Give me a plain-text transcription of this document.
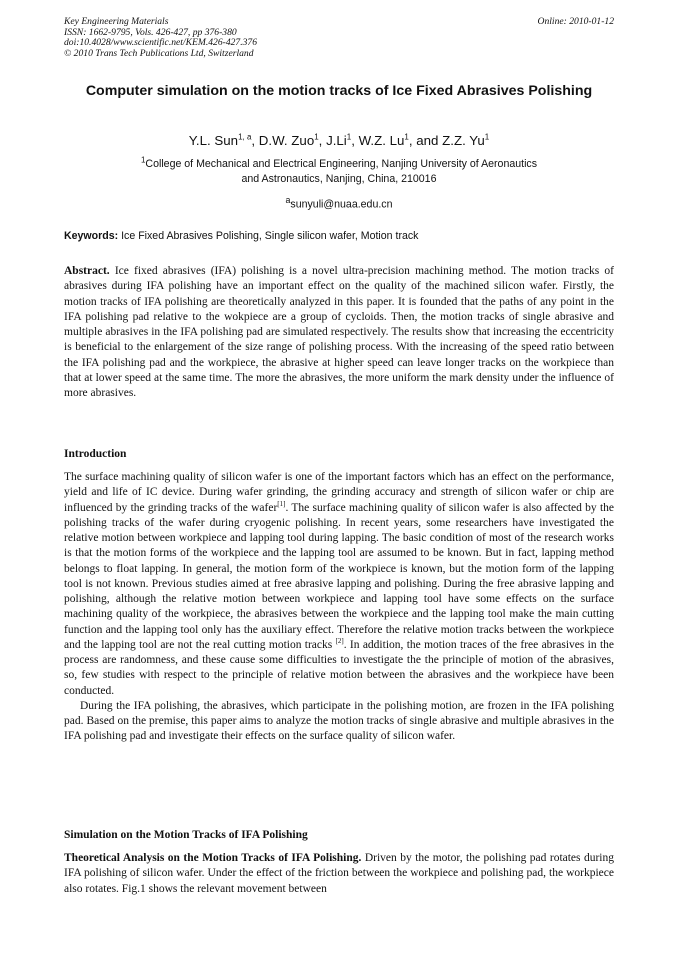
Key Engineering Materials
ISSN: 1662-9795, Vols. 426-427, pp 376-380
doi:10.4028/www.scientific.net/KEM.426-427.376
© 2010 Trans Tech Publications Ltd, Switzerland
Online: 2010-01-12
Computer simulation on the motion tracks of Ice Fixed Abrasives Polishing
Y.L. Sun$^{1, a}$, D.W. Zuo$^1$, J.Li$^1$, W.Z. Lu$^1$, and Z.Z. Yu$^1$
$^1$College of Mechanical and Electrical Engineering, Nanjing University of Aeronautics
and Astronautics, Nanjing, China, 210016
$^a$sunyuli@nuaa.edu.cn
Keywords: Ice Fixed Abrasives Polishing, Single silicon wafer, Motion track
Abstract. Ice fixed abrasives (IFA) polishing is a novel ultra-precision machining method. The motion tracks of abrasives during IFA polishing have an important effect on the quality of the machined silicon wafer. Firstly, the motion tracks of IFA polishing are theoretically analyzed in this paper. It is founded that the paths of any point in the IFA polishing pad relative to the wokpiece are a group of cycloids. Then, the motion tracks of single abrasive and multiple abrasives in the IFA polishing pad are simulated respectively. The results show that increasing the eccentricity is beneficial to the enlargement of the size range of polishing process. With the increasing of the speed ratio between the IFA polishing pad and the workpiece, the abrasive at higher speed can leave longer tracks on the workpiece than that at lower speed at the same time. The more the abrasives, the more uniform the mark density under the influence of more abrasives.
Introduction

The surface machining quality of silicon wafer is one of the important factors which has an effect on the performance, yield and life of IC device. During wafer grinding, the grinding accuracy and strength of silicon wafer or chip are influenced by the grinding tracks of the wafer[1]. The surface machining quality of silicon wafer is also affected by the polishing tracks of the wafer during cryogenic polishing. In recent years, some researchers have investigated the relative motion between workpiece and lapping tool during lapping. The basic condition of most of the research works is that the motion forms of the workpiece and the lapping tool are assumed to be known. But in fact, lapping method belongs to float lapping. In general, the motion form of the workpiece is known, but the motion form of the lapping tool is not known. Previous studies aimed at free abrasive lapping and polishing. During the free abrasive lapping and polishing, although the relative motion between workpiece and lapping tool have some effects on the surface machining quality of the workpiece, the abrasives between the workpiece and the lapping tool make the main cutting function and the lapping tool only has the auxiliary effect. Therefore the relative motion tracks between the workpiece and the lapping tool are not the real cutting motion tracks [2]. In addition, the motion traces of the free abrasives in the process are randomness, and these cause some difficulties to investigate the the principle of motion of the abrasives, so, few studies with respect to the principle of relative motion between the abrasives and the workpiece have been conducted.

During the IFA polishing, the abrasives, which participate in the polishing motion, are frozen in the IFA polishing pad. Based on the premise, this paper aims to analyze the motion tracks of single abrasive and multiple abrasives in the IFA polishing pad and investigate their effects on the surface quality of silicon wafer.

Simulation on the Motion Tracks of IFA Polishing
Theoretical Analysis on the Motion Tracks of IFA Polishing. Driven by the motor, the polishing pad rotates during IFA polishing of silicon wafer. Under the effect of the friction between the workpiece and polishing pad, the workpiece also rotates. Fig.1 shows the relevant movement between
